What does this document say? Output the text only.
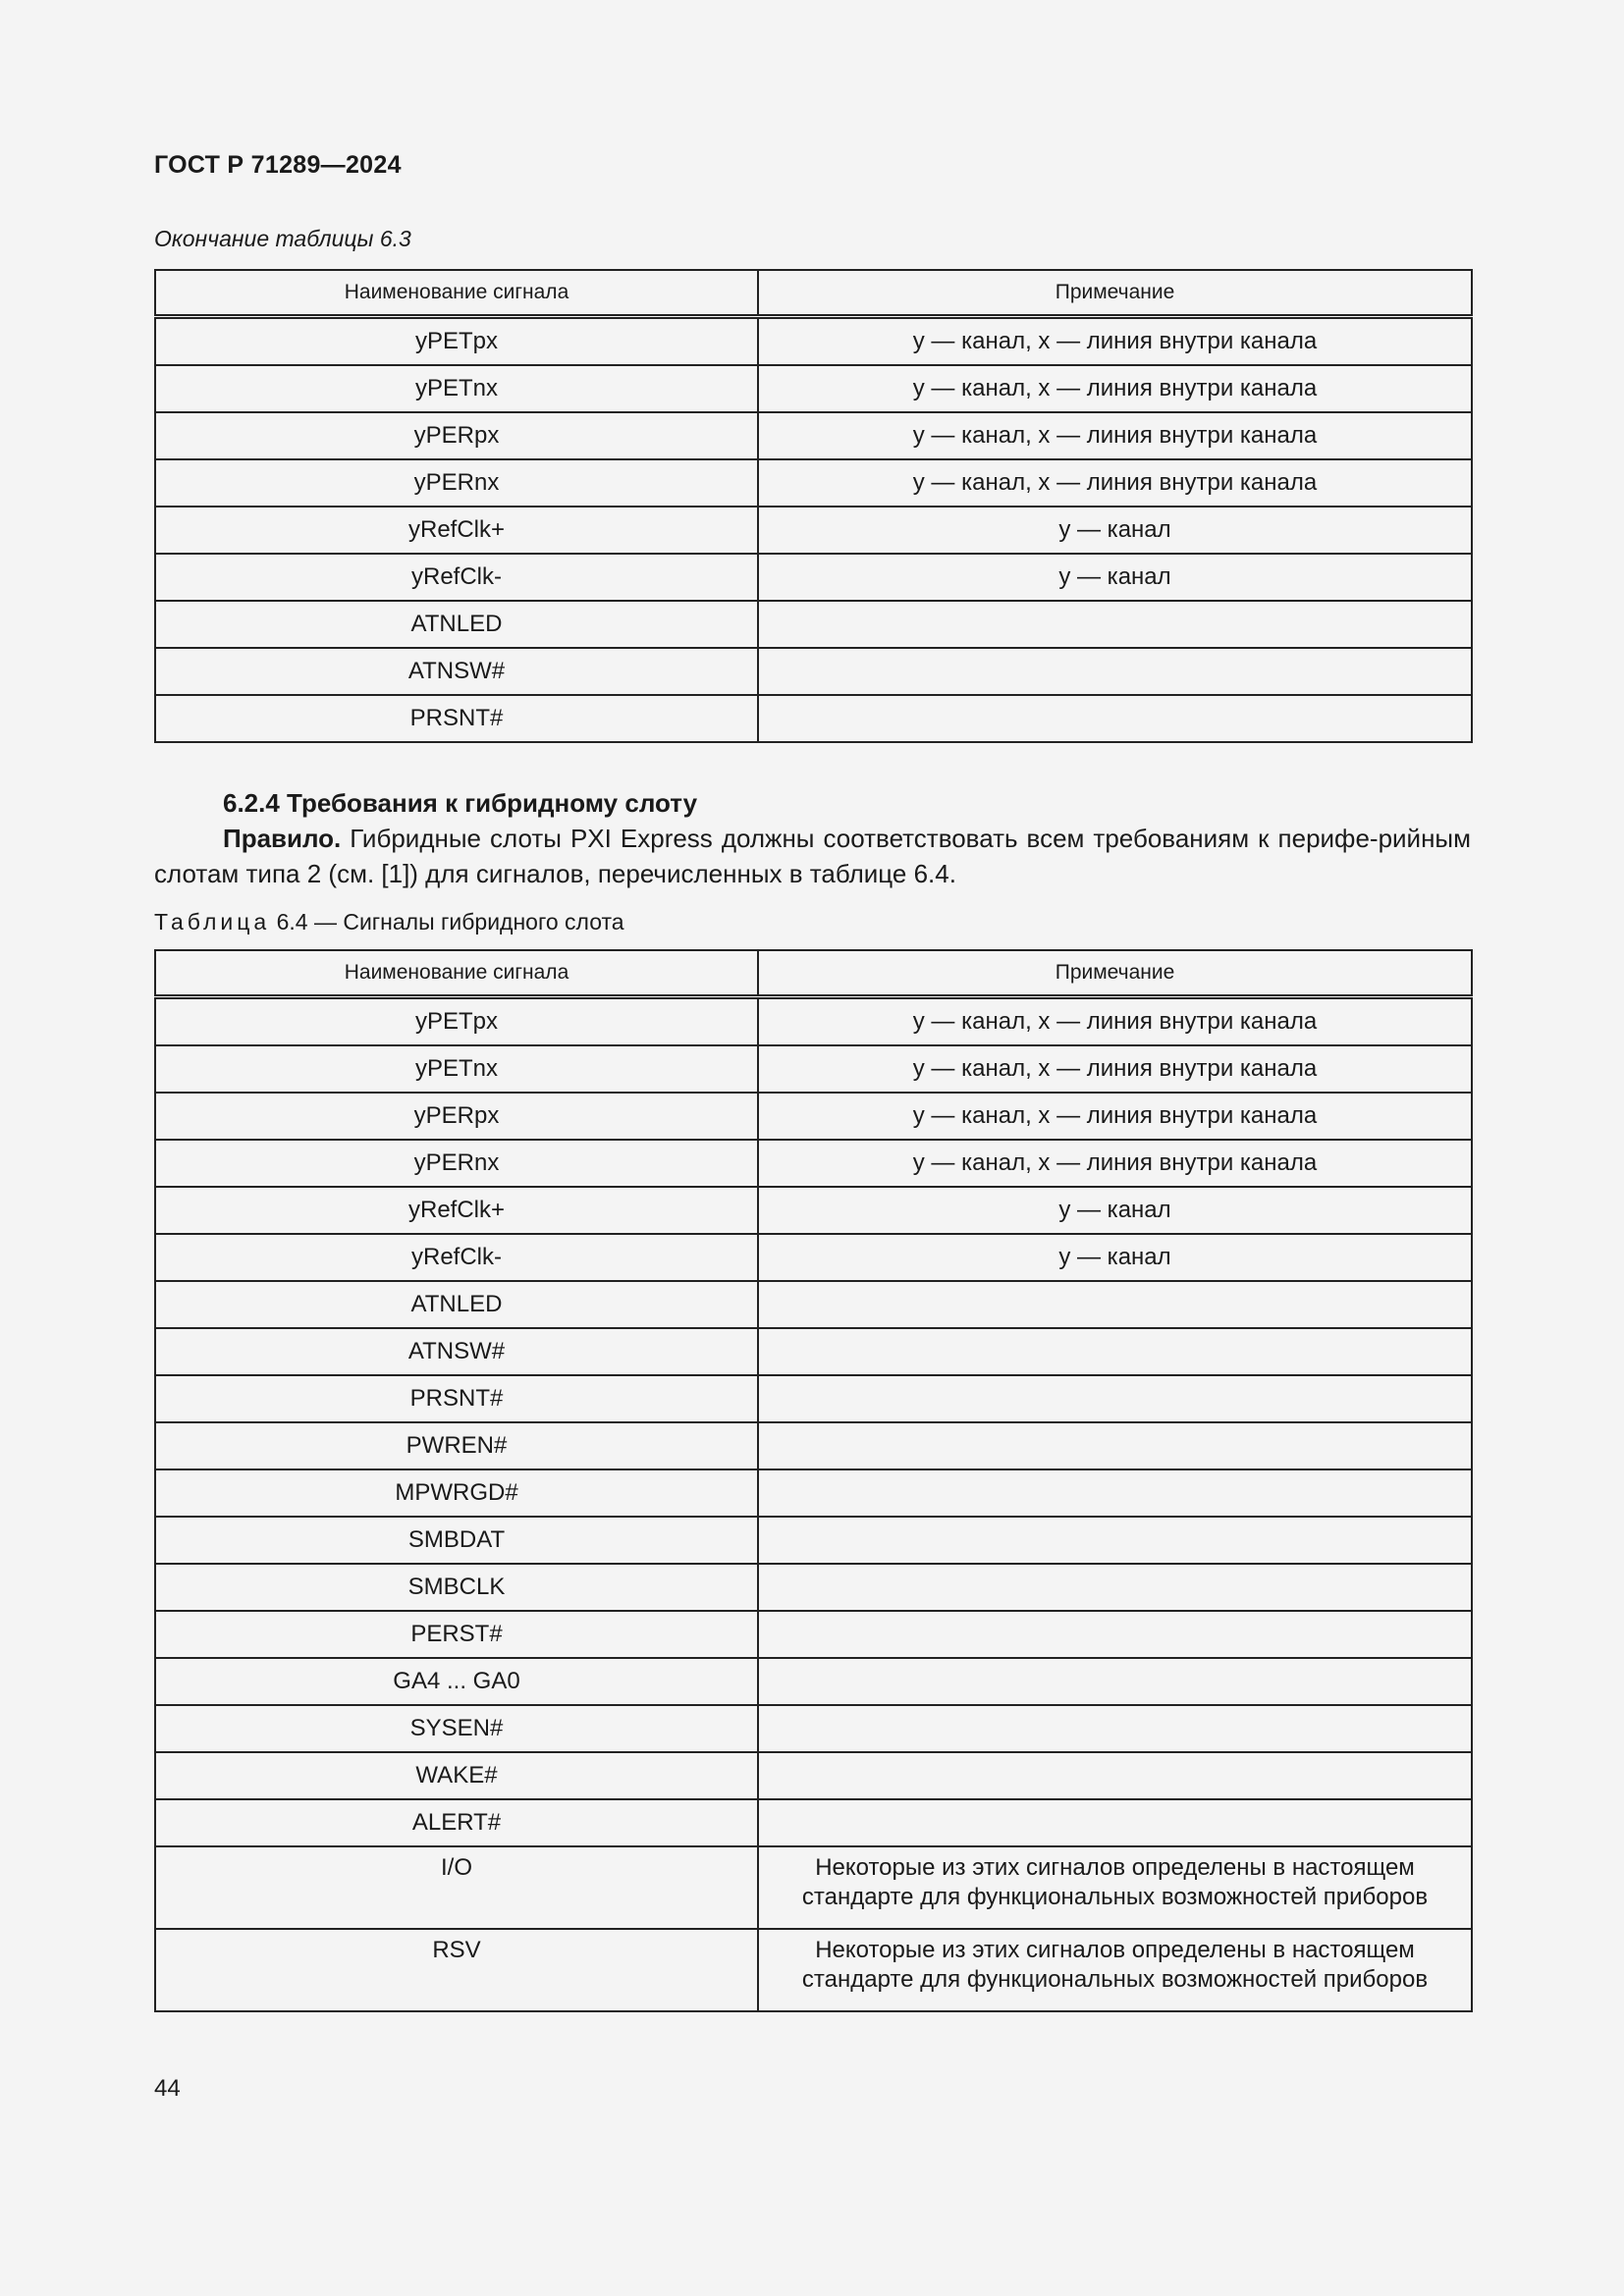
ГОСТ Р 71289—2024
Окончание таблицы 6.3
Наименование сигнала	Примечание
yPETpx	y — канал, x — линия внутри канала
yPETnx	y — канал, x — линия внутри канала
yPERpx	y — канал, x — линия внутри канала
yPERnx	y — канал, x — линия внутри канала
yRefClk+	y — канал
yRefClk-	y — канал
ATNLED	
ATNSW#	
PRSNT#	
6.2.4 Требования к гибридному слоту
Правило. Гибридные слоты PXI Express должны соответствовать всем требованиям к перифе-рийным слотам типа 2 (см. [1]) для сигналов, перечисленных в таблице 6.4.
Таблица 6.4 — Сигналы гибридного слота
Наименование сигнала	Примечание
yPETpx	y — канал, x — линия внутри канала
yPETnx	y — канал, x — линия внутри канала
yPERpx	y — канал, x — линия внутри канала
yPERnx	y — канал, x — линия внутри канала
yRefClk+	y — канал
yRefClk-	y — канал
ATNLED	
ATNSW#	
PRSNT#	
PWREN#	
MPWRGD#	
SMBDAT	
SMBCLK	
PERST#	
GA4 ... GA0	
SYSEN#	
WAKE#	
ALERT#	
I/O	Некоторые из этих сигналов определены в настоящем стандарте для функциональных возможностей приборов
RSV	Некоторые из этих сигналов определены в настоящем стандарте для функциональных возможностей приборов
44
